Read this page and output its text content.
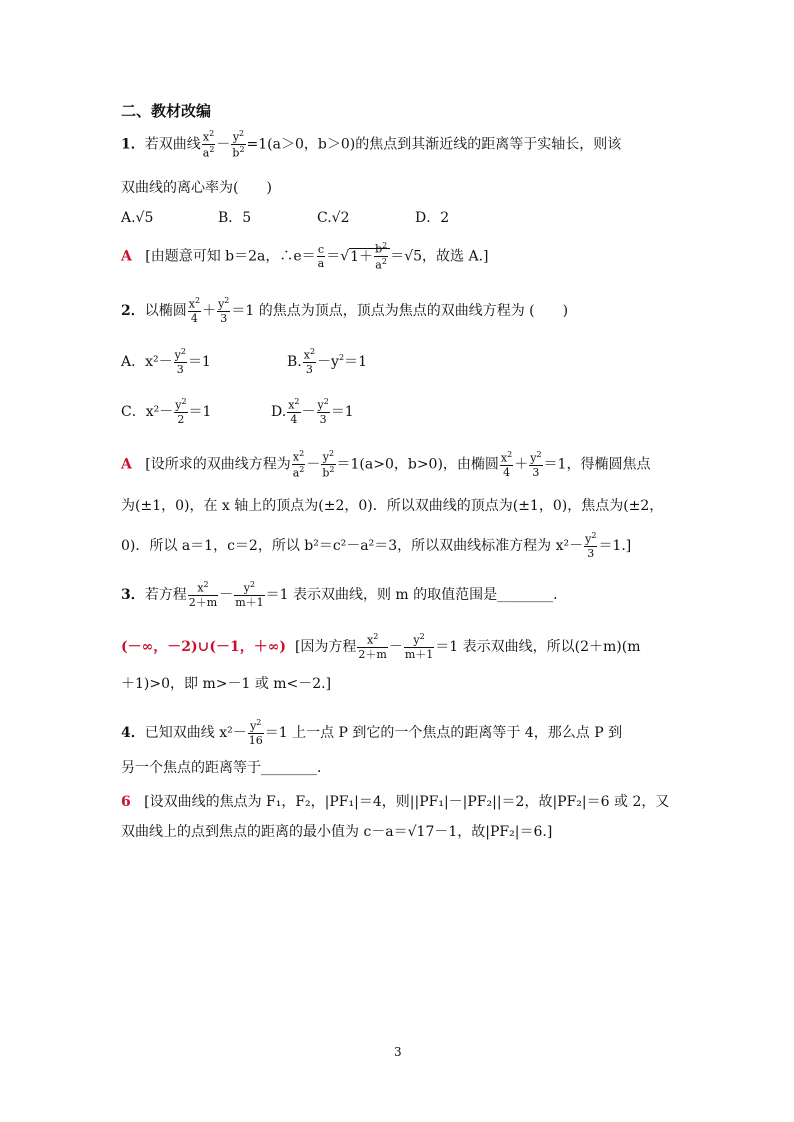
二、教材改编
1．若双曲线 $\frac{x^2}{a^2} - \frac{y^2}{b^2} =1(a>0$，b＞0)的焦点到其渐近线的距离等于实轴长，则该
双曲线的离心率为(　　)
A.√5	B．5	C.√2	D．2
A [由题意可知 b＝2a，∴e＝ $\frac{c}{a} =√1+ \frac{b^2}{a^2} =√5$，故选 A.]
2．以椭圆 $\frac{x^2}{4} + \frac{y^2}{3} =1$ 的焦点为顶点，顶点为焦点的双曲线方程为 (　　)
A．$x^2- \frac{y^2}{3} =1$	B. $\frac{x^2}{3} -y^2=1$
C．$x^2- \frac{y^2}{2} =1$	D. $\frac{x^2}{4} - \frac{y^2}{3} =1$
A [设所求的双曲线方程为 $\frac{x^2}{a^2} - \frac{y^2}{b^2} =1(a>0$，b>0)，由椭圆 $\frac{x^2}{4} + \frac{y^2}{3} =1$，得椭圆焦点
为(±1，0)，在 x 轴上的顶点为(±2，0)．所以双曲线的顶点为(±1，0)，焦点为(±2，
0)．所以 a＝1，c＝2，所以 b²＝c²－a²＝3，所以双曲线标准方程为 $x^2- \frac{y^2}{3} =1$.]
3．若方程 $\frac{x^2}{2+m} - \frac{y^2}{m+1} =1$ 表示双曲线，则 m 的取值范围是________．
(－∞，－2)∪(－1，＋∞) [因为方程 $\frac{x^2}{2+m} - \frac{y^2}{m+1} =1$ 表示双曲线，所以(2＋m)(m
＋1)>0，即 m>－1 或 m<－2.]
4．已知双曲线 $x^2- \frac{y^2}{16} =1$ 上一点 P 到它的一个焦点的距离等于 4，那么点 P 到
另一个焦点的距离等于________．
6 [设双曲线的焦点为 F₁，F₂，|PF₁|＝4，则||PF₁|－|PF₂||＝2，故|PF₂|＝6 或 2，又
双曲线上的点到焦点的距离的最小值为 c－a＝√17－1，故|PF₂|＝6.]
3
